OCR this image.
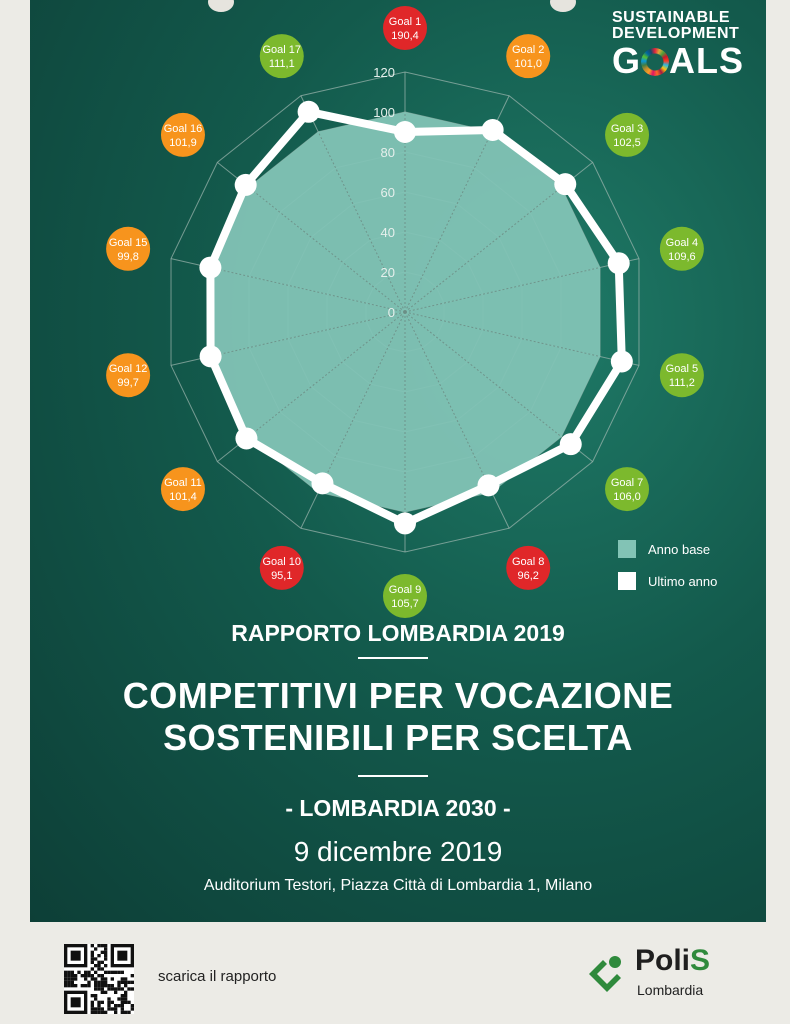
SUSTAINABLE
DEVELOPMENT
G ALS
0
20
40
60
80
100
120
Goal 1
190,4
Goal 2
101,0
Goal 3
102,5
Goal 4
109,6
Goal 5
111,2
Goal 7
106,0
Goal 8
96,2
Goal 9
105,7
Goal 10
95,1
Goal 11
101,4
Goal 12
99,7
Goal 15
99,8
Goal 16
101,9
Goal 17
111,1
Anno base
Ultimo anno
RAPPORTO LOMBARDIA 2019
COMPETITIVI PER VOCAZIONE
SOSTENIBILI PER SCELTA
- LOMBARDIA 2030 -
9 dicembre 2019
Auditorium Testori, Piazza Città di Lombardia 1, Milano
scarica il rapporto	PoliS
Lombardia
